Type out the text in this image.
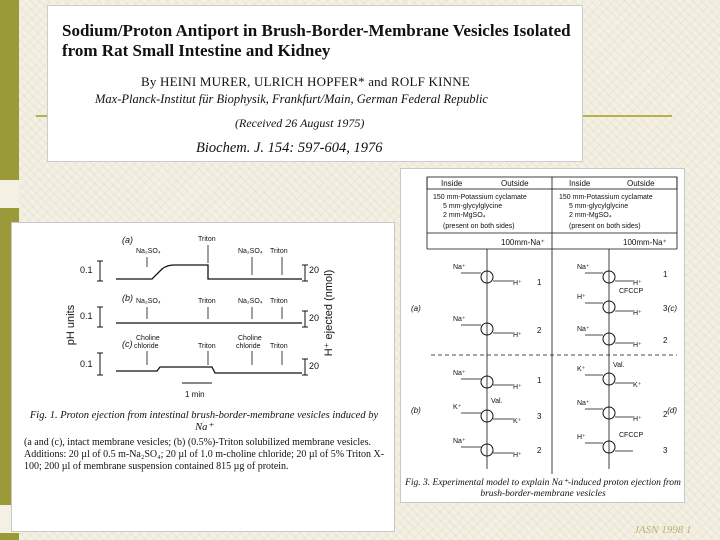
Sodium/Proton Antiport in Brush-Border-Membrane Vesicles Isolated from Rat Small Intestine and Kidney
By HEINI MURER, ULRICH HOPFER* and ROLF KINNE
Max-Planck-Institut für Biophysik, Frankfurt/Main, German Federal Republic
(Received 26 August 1975)
Biochem. J. 154: 597-604, 1976
pH units	H⁺ ejected (nmol)
(a)
0.1
Na₂SO₄
Triton
Na₂SO₄ Triton
20
(b)
0.1
Na₂SO₄	Triton	Na₂SO₄ Triton
20
(c)
0.1
Choline
chloride	Triton
Choline
chloride Triton
20
1 min
Fig. 1. Proton ejection from intestinal brush-border-membrane vesicles induced by Na⁺
(a and (c), intact membrane vesicles; (b) (0.5%)-Triton solubilized membrane vesicles. Additions: 20 µl of 0.5 m-Na₂SO₄; 20 µl of 1.0 m-choline chloride; 20 µl of 5% Triton X-100; 200 µl of membrane suspension contained 815 µg of protein.
Inside	Outside	Inside	Outside
150 mm-Potassium cyclamate
5 mm-glycylglycine
2 mm-MgSO₄
(present on both sides)
150 mm-Potassium cyclamate
5 mm-glycylglycine
2 mm-MgSO₄
(present on both sides)
100mm-Na⁺	100mm-Na⁺
Na⁺
H⁺
Na⁺
H⁺
Na⁺
H⁺
K⁺
K⁺
Na⁺
H⁺
Val.
Na⁺
H⁺
H⁺
H⁺
Na⁺
H⁺
K⁺
K⁺
Na⁺
H⁺
H⁺
CFCCP
CFCCP
Val.
1
2
1
3
2
1
3
2
2
3
(a)
(b)
(c)
(d)
Fig. 3. Experimental model to explain Na⁺-induced proton ejection from brush-border-membrane vesicles
JASN 1998 1
